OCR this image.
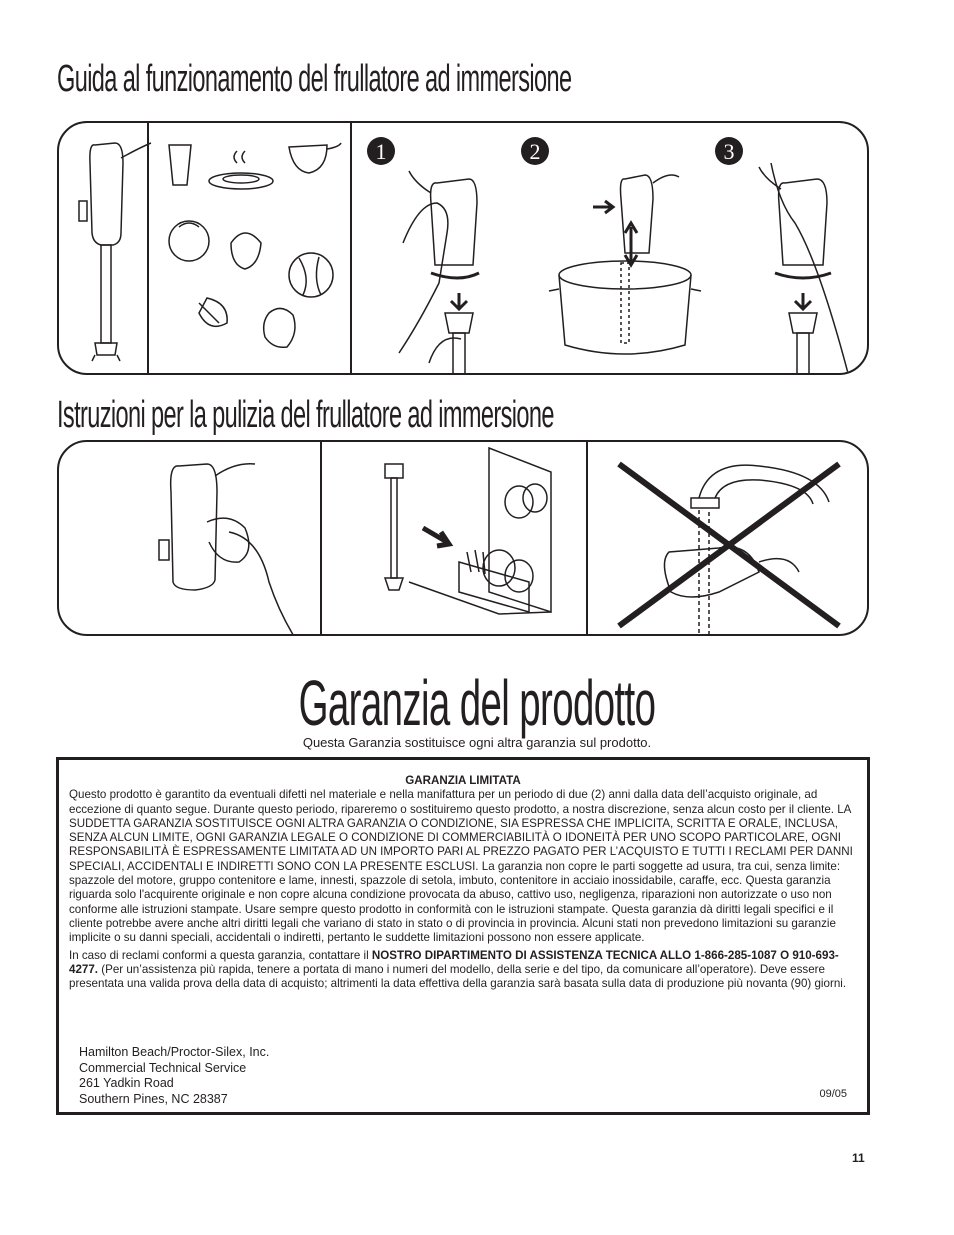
Guida al funzionamento del frullatore ad immersione
1	2	3
Istruzioni per la pulizia del frullatore ad immersione
Garanzia del prodotto
Questa Garanzia sostituisce ogni altra garanzia sul prodotto.

GARANZIA LIMITATA

Questo prodotto è garantito da eventuali difetti nel materiale e nella manifattura per un periodo di due (2) anni dalla data dell’acquisto originale, ad eccezione di quanto segue. Durante questo periodo, ripareremo o sostituiremo questo prodotto, a nostra discrezione, senza alcun costo per il cliente. LA SUDDETTA GARANZIA SOSTITUISCE OGNI ALTRA GARANZIA O CONDIZIONE, SIA ESPRESSA CHE IMPLICITA, SCRITTA E ORALE, INCLUSA, SENZA ALCUN LIMITE, OGNI GARANZIA LEGALE O CONDIZIONE DI COMMERCIABILITÀ O IDONEITÀ PER UNO SCOPO PARTICOLARE, OGNI RESPONSABILITÀ È ESPRESSAMENTE LIMITATA AD UN IMPORTO PARI AL PREZZO PAGATO PER L’ACQUISTO E TUTTI I RECLAMI PER DANNI SPECIALI, ACCIDENTALI E INDIRETTI SONO CON LA PRESENTE ESCLUSI. La garanzia non copre le parti soggette ad usura, tra cui, senza limite: spazzole del motore, gruppo contenitore e lame, innesti, spazzole di setola, imbuto, contenitore in acciaio inossidabile, caraffe, ecc. Questa garanzia riguarda solo l'acquirente originale e non copre alcuna condizione provocata da abuso, cattivo uso, negligenza, riparazioni non autorizzate o uso non conforme alle istruzioni stampate. Usare sempre questo prodotto in conformità con le istruzioni stampate. Questa garanzia dà diritti legali specifici e il cliente potrebbe avere anche altri diritti legali che variano di stato in stato o di provincia in provincia. Alcuni stati non prevedono limitazioni su garanzie implicite o su danni speciali, accidentali o indiretti, pertanto le suddette limitazioni possono non essere applicate.

In caso di reclami conformi a questa garanzia, contattare il NOSTRO DIPARTIMENTO DI ASSISTENZA TECNICA ALLO 1-866-285-1087 O 910-693-4277. (Per un’assistenza più rapida, tenere a portata di mano i numeri del modello, della serie e del tipo, da comunicare all’operatore). Deve essere presentata una valida prova della data di acquisto; altrimenti la data effettiva della garanzia sarà basata sulla data di produzione più novanta (90) giorni.

Hamilton Beach/Proctor-Silex, Inc.
Commercial Technical Service
261 Yadkin Road
Southern Pines, NC 28387	09/05
11
